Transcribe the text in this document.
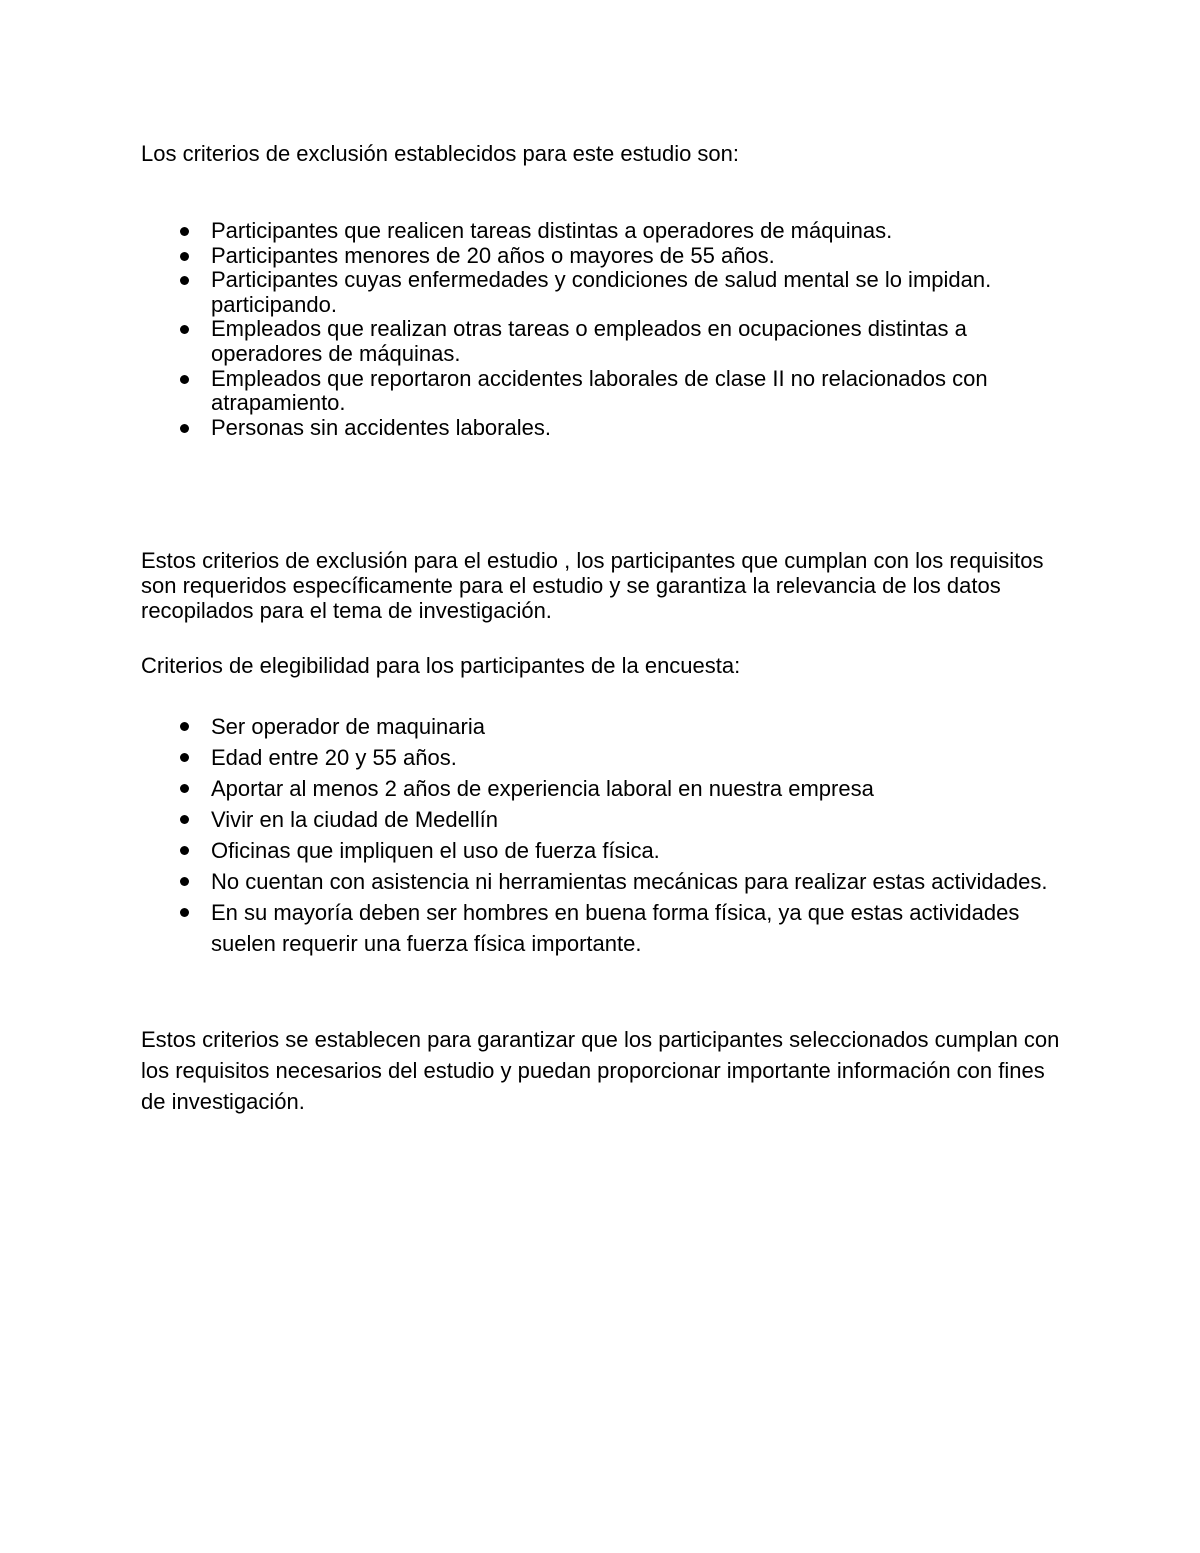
Los criterios de exclusión establecidos para este estudio son:

Participantes que realicen tareas distintas a operadores de máquinas.
Participantes menores de 20 años o mayores de 55 años.
Participantes cuyas enfermedades y condiciones de salud mental se lo impidan. participando.
Empleados que realizan otras tareas o empleados en ocupaciones distintas a operadores de máquinas.
Empleados que reportaron accidentes laborales de clase II no relacionados con atrapamiento.
Personas sin accidentes laborales.

Estos criterios de exclusión para el estudio , los participantes que cumplan con los requisitos son requeridos específicamente para el estudio y se garantiza la relevancia de los datos recopilados para el tema de investigación.

Criterios de elegibilidad para los participantes de la encuesta:

Ser operador de maquinaria
Edad entre 20 y 55 años.
Aportar al menos 2 años de experiencia laboral en nuestra empresa
Vivir en la ciudad de Medellín
Oficinas que impliquen el uso de fuerza física.
No cuentan con asistencia ni herramientas mecánicas para realizar estas actividades.
En su mayoría deben ser hombres en buena forma física, ya que estas actividades suelen requerir una fuerza física importante.

Estos criterios se establecen para garantizar que los participantes seleccionados cumplan con los requisitos necesarios del estudio y puedan proporcionar importante información con fines de investigación.
